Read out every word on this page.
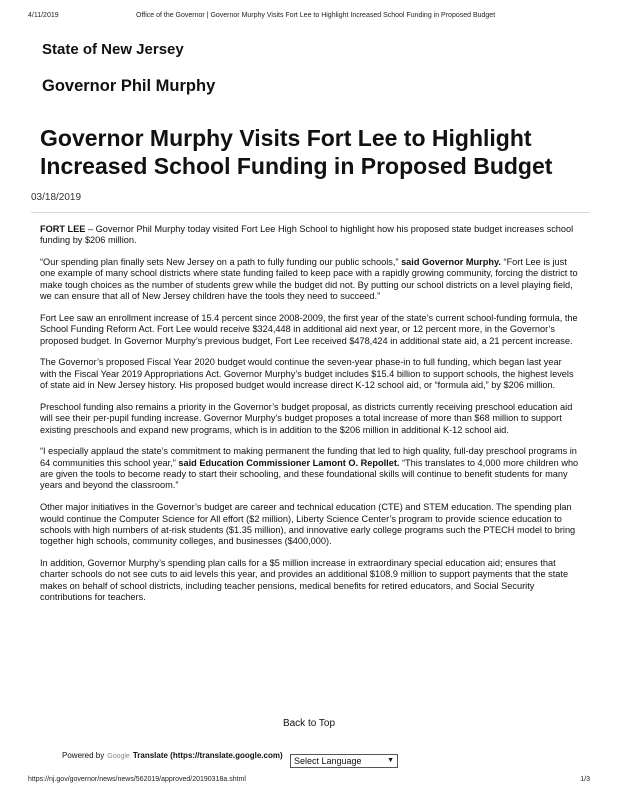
4/11/2019	Office of the Governor | Governor Murphy Visits Fort Lee to Highlight Increased School Funding in Proposed Budget
State of New Jersey
Governor Phil Murphy
Governor Murphy Visits Fort Lee to Highlight Increased School Funding in Proposed Budget
03/18/2019

FORT LEE – Governor Phil Murphy today visited Fort Lee High School to highlight how his proposed state budget increases school funding by $206 million.

“Our spending plan finally sets New Jersey on a path to fully funding our public schools,” said Governor Murphy. “Fort Lee is just one example of many school districts where state funding failed to keep pace with a rapidly growing community, forcing the district to make tough choices as the number of students grew while the budget did not. By putting our school districts on a level playing field, we can ensure that all of New Jersey children have the tools they need to succeed.”

Fort Lee saw an enrollment increase of 15.4 percent since 2008-2009, the first year of the state’s current school-funding formula, the School Funding Reform Act. Fort Lee would receive $324,448 in additional aid next year, or 12 percent more, in the Governor’s proposed budget. In Governor Murphy’s previous budget, Fort Lee received $478,424 in additional state aid, a 21 percent increase.

The Governor’s proposed Fiscal Year 2020 budget would continue the seven-year phase-in to full funding, which began last year with the Fiscal Year 2019 Appropriations Act. Governor Murphy’s budget includes $15.4 billion to support schools, the highest levels of state aid in New Jersey history. His proposed budget would increase direct K-12 school aid, or “formula aid,” by $206 million.

Preschool funding also remains a priority in the Governor’s budget proposal, as districts currently receiving preschool education aid will see their per-pupil funding increase. Governor Murphy’s budget proposes a total increase of more than $68 million to support existing preschools and expand new programs, which is in addition to the $206 million in additional K-12 school aid.

“I especially applaud the state’s commitment to making permanent the funding that led to high quality, full-day preschool programs in 64 communities this school year,” said Education Commissioner Lamont O. Repollet. “This translates to 4,000 more children who are given the tools to become ready to start their schooling, and these foundational skills will continue to benefit students for many years and beyond the classroom.”

Other major initiatives in the Governor’s budget are career and technical education (CTE) and STEM education. The spending plan would continue the Computer Science for All effort ($2 million), Liberty Science Center’s program to provide science education to schools with high numbers of at-risk students ($1.35 million), and innovative early college programs such the PTECH model to bring together high schools, community colleges, and businesses ($400,000).

In addition, Governor Murphy’s spending plan calls for a $5 million increase in extraordinary special education aid; ensures that charter schools do not see cuts to aid levels this year, and provides an additional $108.9 million to support payments that the state makes on behalf of school districts, including teacher pensions, medical benefits for retired educators, and Social Security contributions for teachers.

Back to Top
Powered by Google Translate (https://translate.google.com)
Select Language	▼
https://nj.gov/governor/news/news/562019/approved/20190318a.shtml	1/3
